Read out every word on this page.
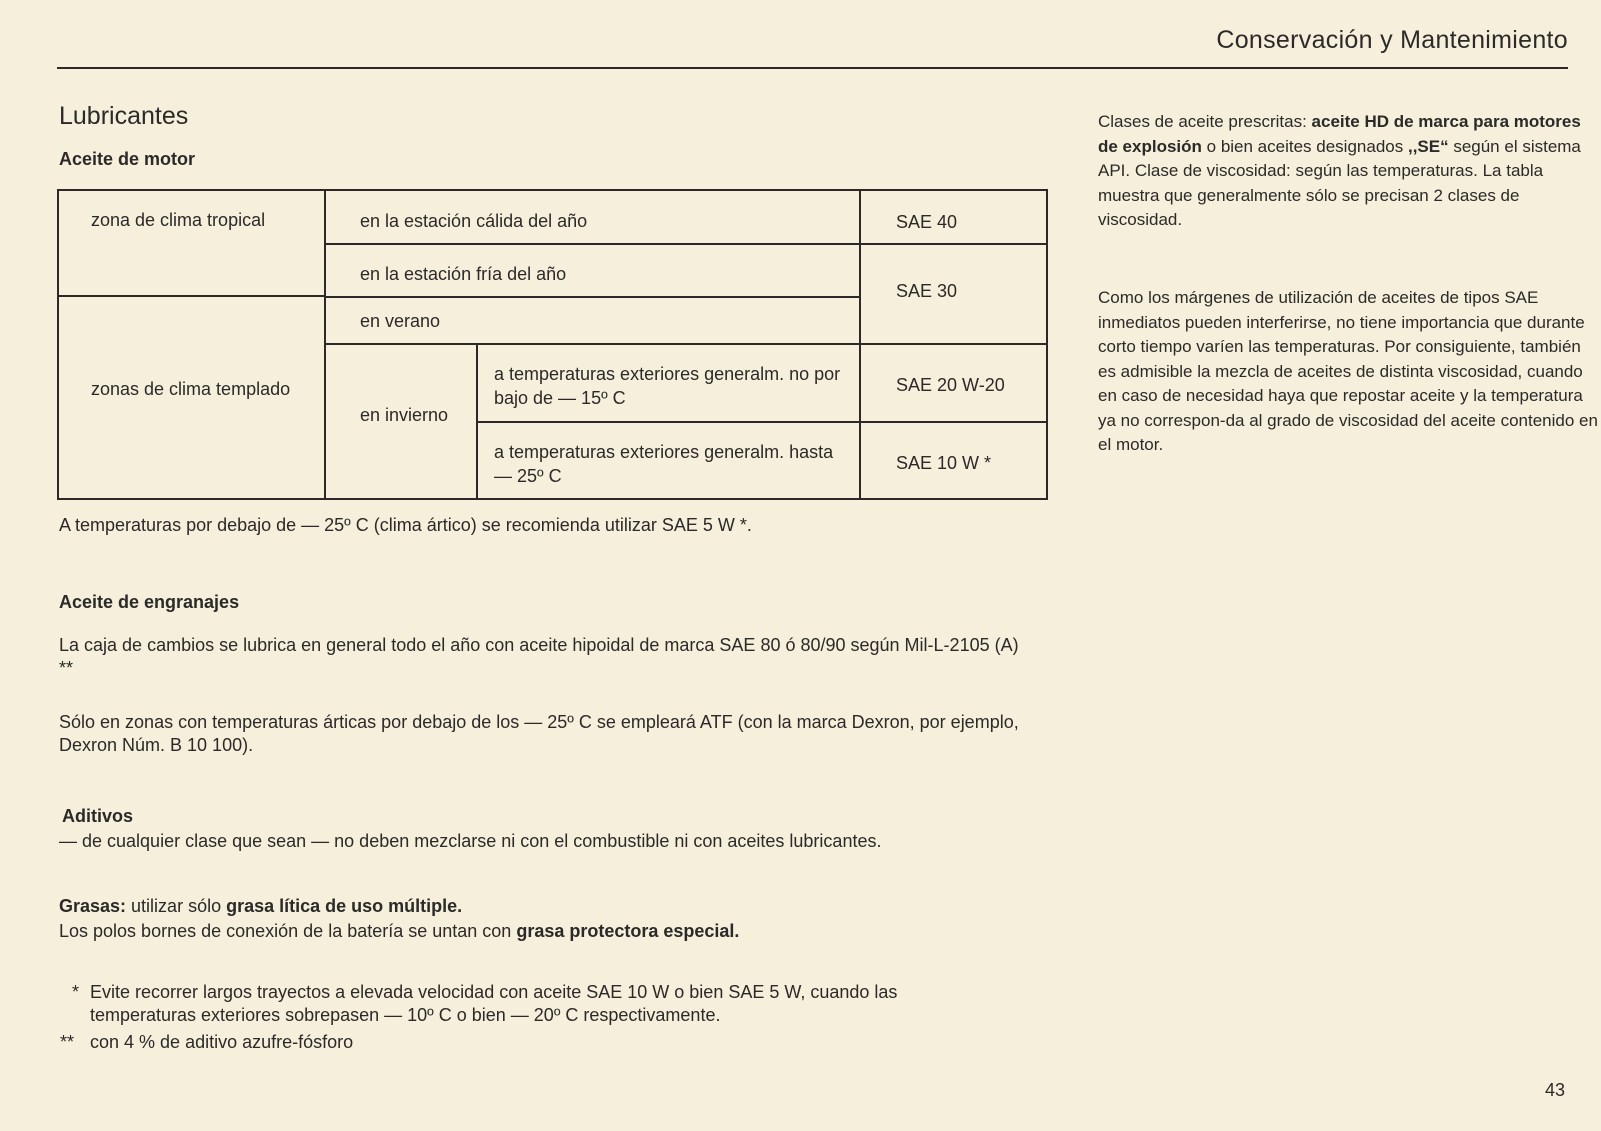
Conservación y Mantenimiento
Lubricantes
Aceite de motor
zona de clima tropical
zonas de clima templado
en la estación cálida del año
en la estación fría del año
en verano
en invierno
a temperaturas exteriores generalm. no por bajo de — 15º C
a temperaturas exteriores generalm. hasta — 25º C
SAE 40
SAE 30
SAE 20 W-20
SAE 10 W *
A temperaturas por debajo de — 25º C (clima ártico) se recomienda utilizar SAE 5 W *.
Aceite de engranajes
La caja de cambios se lubrica en general todo el año con aceite hipoidal de marca SAE 80 ó 80/90 según Mil-L-2105 (A) **
Sólo en zonas con temperaturas árticas por debajo de los — 25º C se empleará ATF (con la marca Dexron, por ejemplo, Dexron Núm. B 10 100).
Aditivos
— de cualquier clase que sean — no deben mezclarse ni con el combustible ni con aceites lubricantes.
Grasas: utilizar sólo grasa lítica de uso múltiple.
Los polos bornes de conexión de la batería se untan con grasa protectora especial.
* Evite recorrer largos trayectos a elevada velocidad con aceite SAE 10 W o bien SAE 5 W, cuando las temperaturas exteriores sobrepasen — 10º C o bien — 20º C respectivamente.
** con 4 % de aditivo azufre-fósforo
Clases de aceite prescritas: aceite HD de marca para motores de explosión o bien aceites designados ,,SE“ según el sistema API. Clase de viscosidad: según las temperaturas. La tabla muestra que generalmente sólo se precisan 2 clases de viscosidad.
Como los márgenes de utilización de aceites de tipos SAE inmediatos pueden interferirse, no tiene importancia que durante corto tiempo varíen las temperaturas. Por consiguiente, también es admisible la mezcla de aceites de distinta viscosidad, cuando en caso de necesidad haya que repostar aceite y la temperatura ya no correspon-da al grado de viscosidad del aceite contenido en el motor.
43
